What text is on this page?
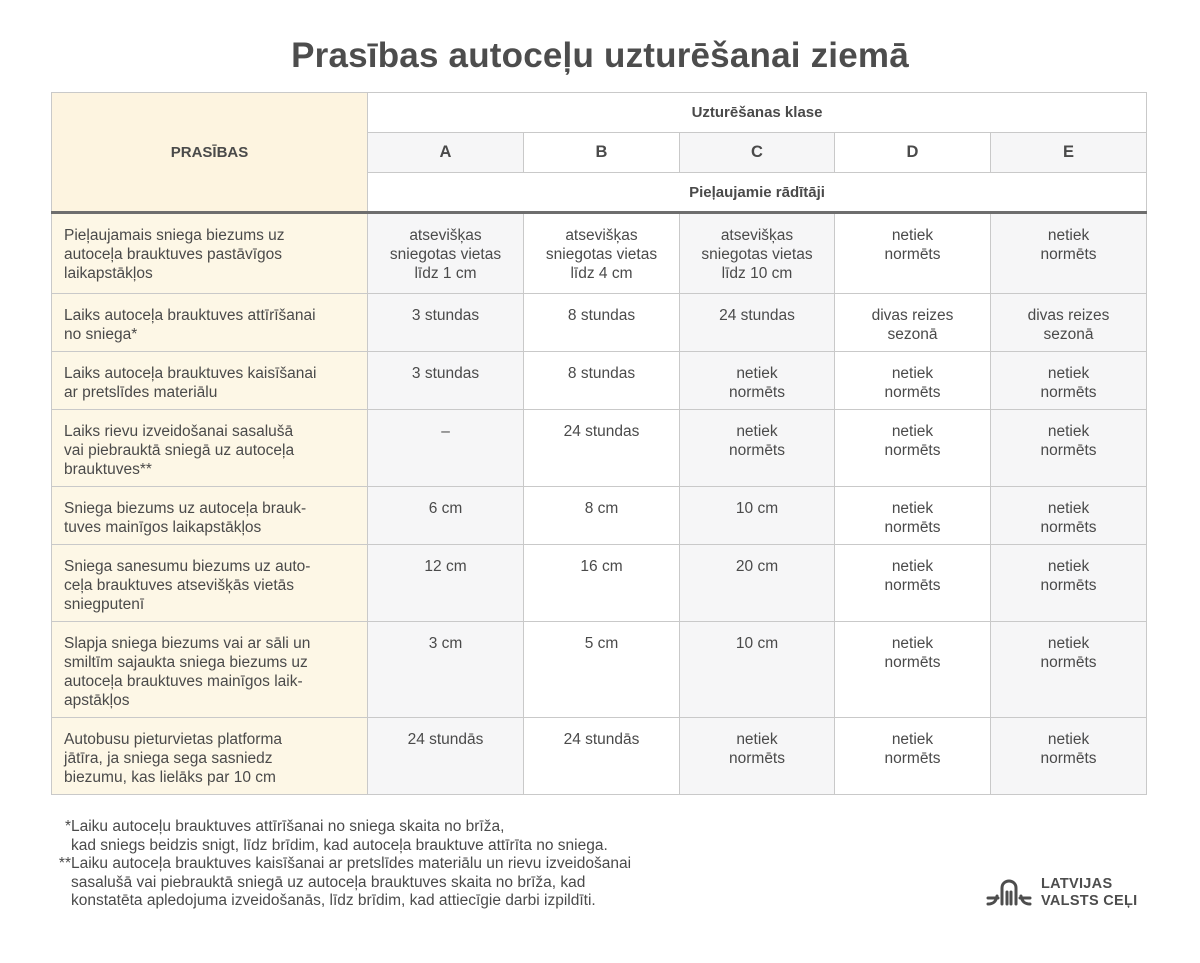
Prasības autoceļu uzturēšanai ziemā
PRASĪBAS	Uzturēšanas klase				
	A	B	C	D	E
	Pieļaujamie rādītāji				

Pieļaujamais sniega biezums uz
autoceļa brauktuves pastāvīgos
laikapstākļos	atsevišķas
sniegotas vietas
līdz 1 cm	atsevišķas
sniegotas vietas
līdz 4 cm	atsevišķas
sniegotas vietas
līdz 10 cm	netiek
normēts	netiek
normēts

Laiks autoceļa brauktuves attīrīšanai
no sniega*	3 stundas	8 stundas	24 stundas	divas reizes
sezonā	divas reizes
sezonā

Laiks autoceļa brauktuves kaisīšanai
ar pretslīdes materiālu	3 stundas	8 stundas	netiek
normēts	netiek
normēts	netiek
normēts

Laiks rievu izveidošanai sasalušā
vai piebrauktā sniegā uz autoceļa
brauktuves**	–	24 stundas	netiek
normēts	netiek
normēts	netiek
normēts

Sniega biezums uz autoceļa brauk-
tuves mainīgos laikapstākļos	6 cm	8 cm	10 cm	netiek
normēts	netiek
normēts

Sniega sanesumu biezums uz auto-
ceļa brauktuves atsevišķās vietās
sniegputenī	12 cm	16 cm	20 cm	netiek
normēts	netiek
normēts

Slapja sniega biezums vai ar sāli un
smiltīm sajaukta sniega biezums uz
autoceļa brauktuves mainīgos laik-
apstākļos	3 cm	5 cm	10 cm	netiek
normēts	netiek
normēts

Autobusu pieturvietas platforma
jātīra, ja sniega sega sasniedz
biezumu, kas lielāks par 10 cm	24 stundās	24 stundās	netiek
normēts	netiek
normēts	netiek
normēts
* Laiku autoceļu brauktuves attīrīšanai no sniega skaita no brīža,
kad sniegs beidzis snigt, līdz brīdim, kad autoceļa brauktuve attīrīta no sniega.
** Laiku autoceļa brauktuves kaisīšanai ar pretslīdes materiālu un rievu izveidošanai
sasalušā vai piebrauktā sniegā uz autoceļa brauktuves skaita no brīža, kad
konstatēta apledojuma izveidošanās, līdz brīdim, kad attiecīgie darbi izpildīti.
LATVIJAS
VALSTS CEĻI
